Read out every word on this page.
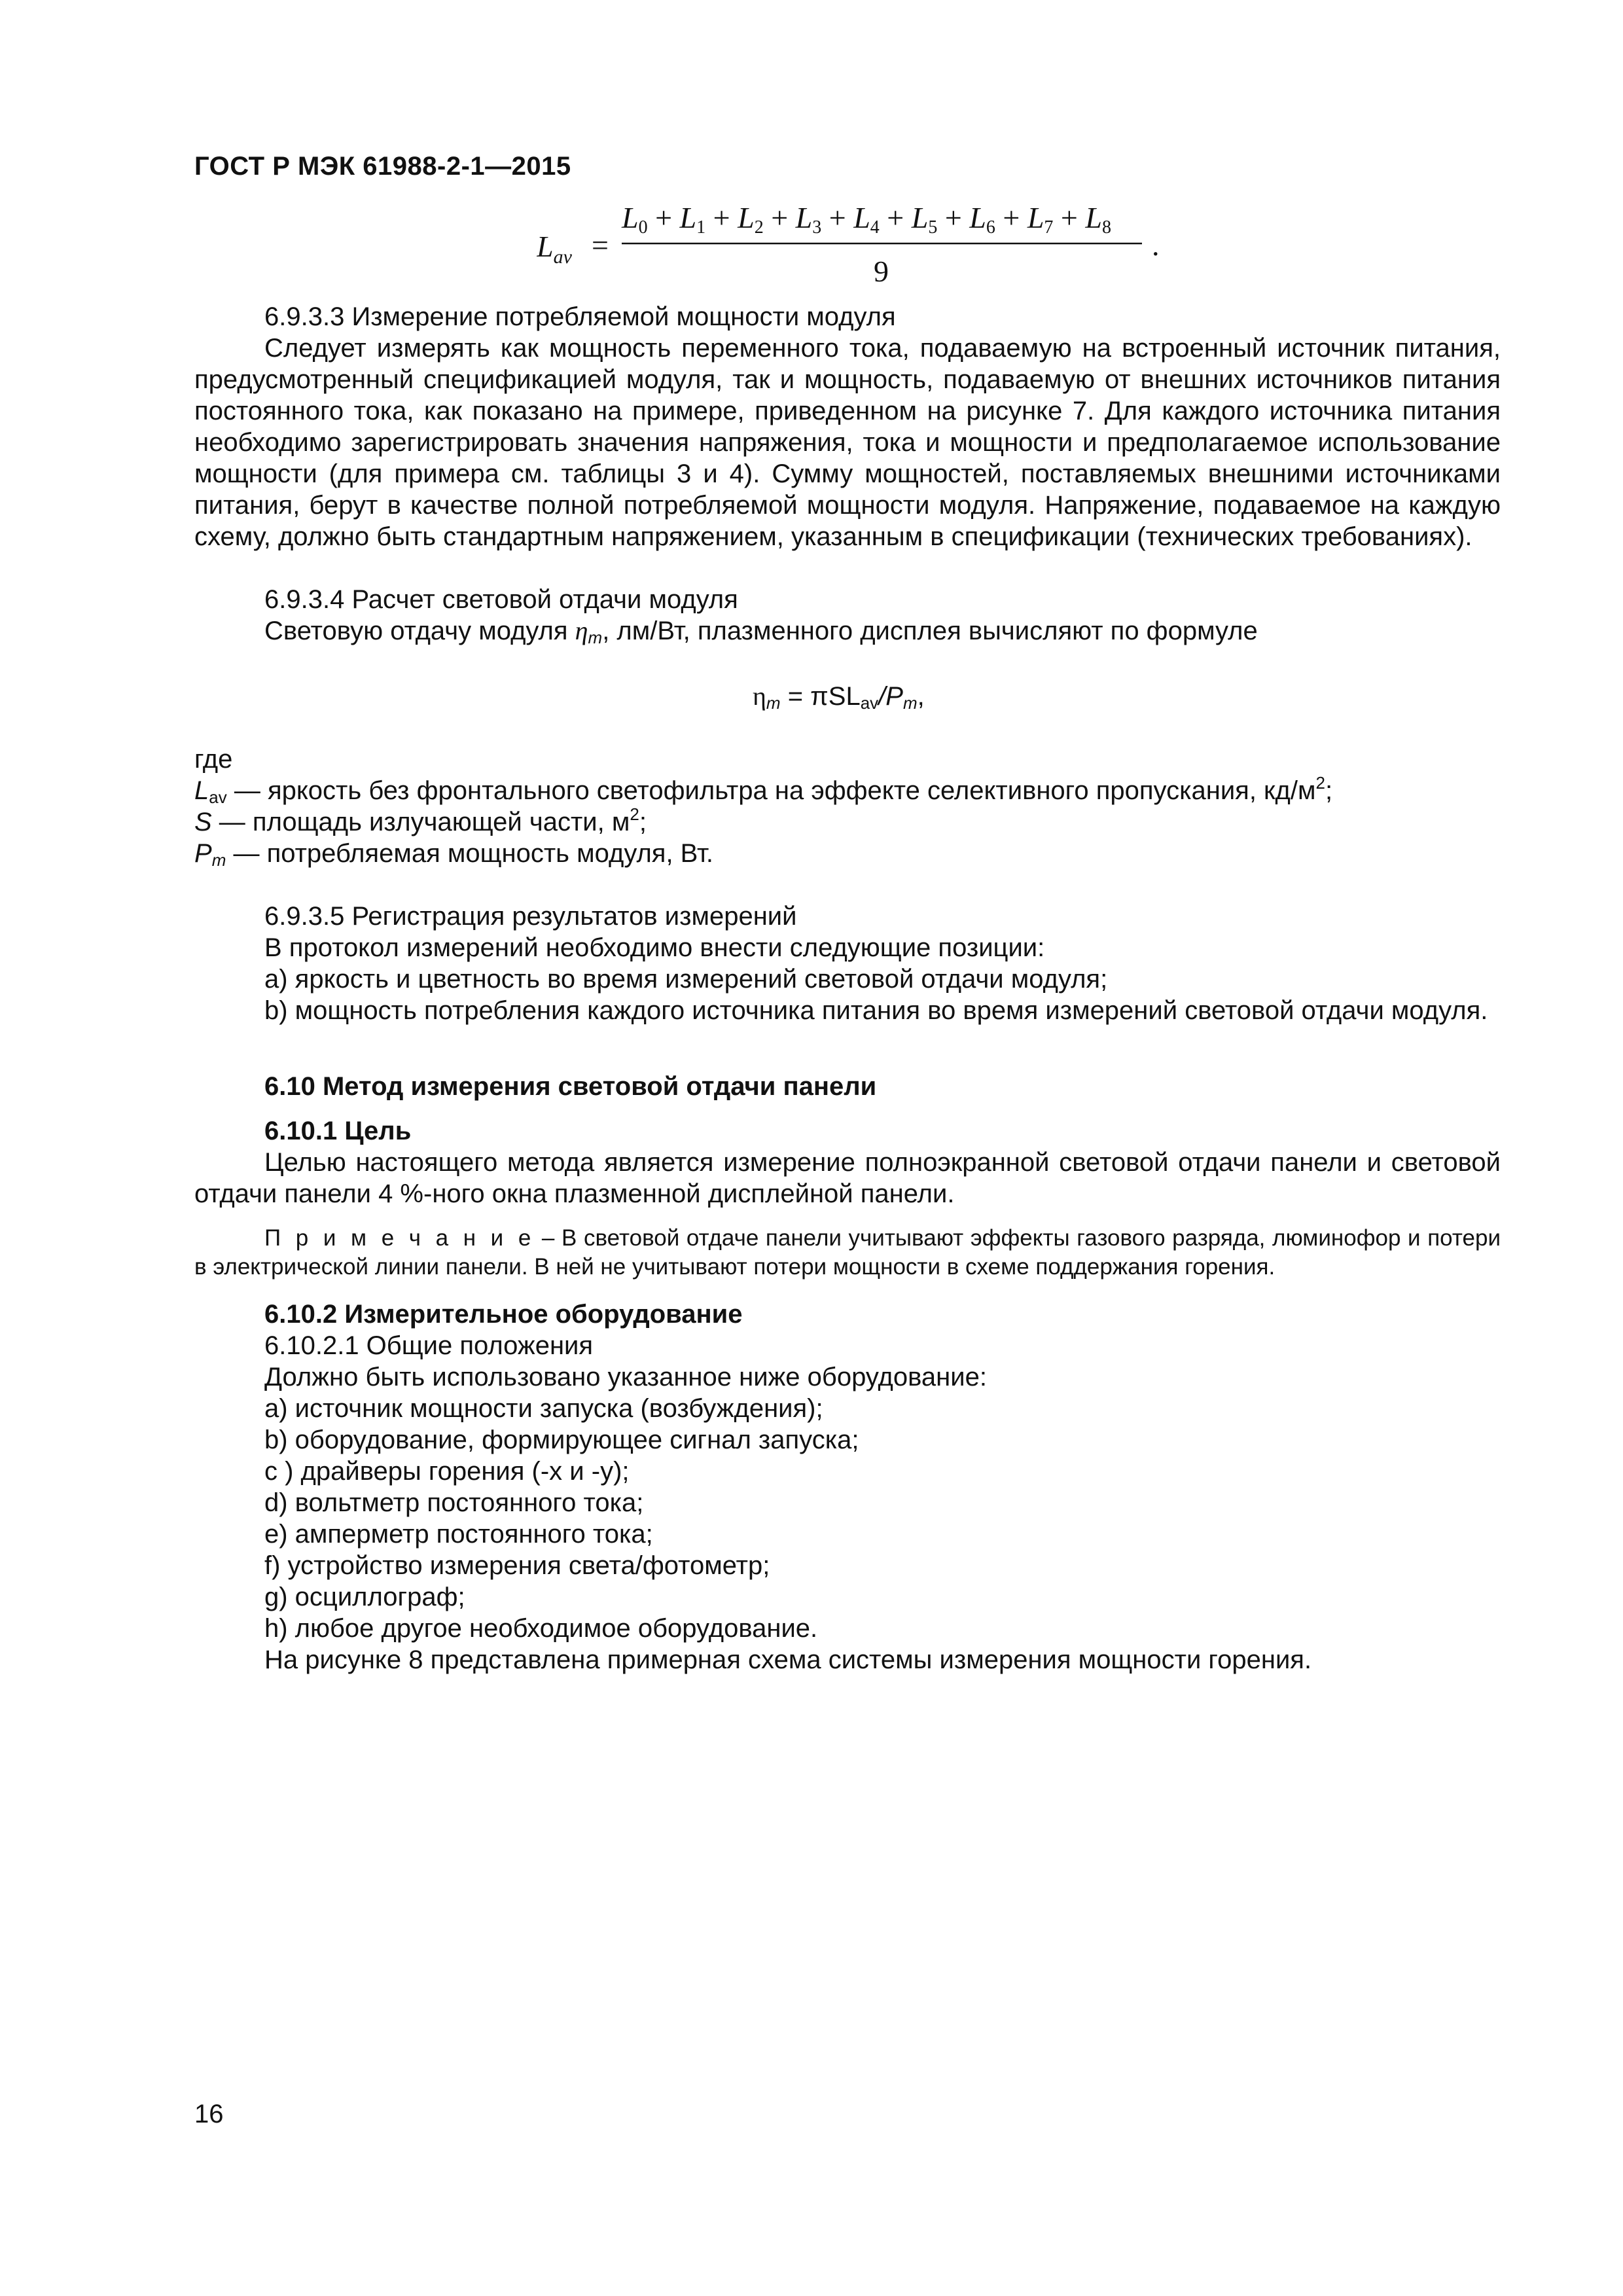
ГОСТ Р МЭК 61988-2-1—2015
$L_{av}$ =
L0 + L1 + L2 + L3 + L4 + L5 + L6 + L7 + L8
9
.
6.9.3.3 Измерение потребляемой мощности модуля
Следует измерять как мощность переменного тока, подаваемую на встроенный источник питания, предусмотренный спецификацией модуля, так и мощность, подаваемую от внешних источников питания постоянного тока, как показано на примере, приведенном на рисунке 7. Для каждого источника питания необходимо зарегистрировать значения напряжения, тока и мощности и предполагаемое использование мощности (для примера см. таблицы 3 и 4). Сумму мощностей, поставляемых внешними источниками питания, берут в качестве полной потребляемой мощности модуля. Напряжение, подаваемое на каждую схему, должно быть стандартным напряжением, указанным в спецификации (технических требованиях).
6.9.3.4 Расчет световой отдачи модуля
Световую отдачу модуля $\eta_m$, лм/Вт, плазменного дисплея вычисляют по формуле
$\eta_m = \pi SL_{av}/P_m$,
где
$L_{av}$ — яркость без фронтального светофильтра на эффекте селективного пропускания, $кд/м^2$;
S — площадь излучающей части, $м^2$;
$P_m$ — потребляемая мощность модуля, Вт.
6.9.3.5 Регистрация результатов измерений
В протокол измерений необходимо внести следующие позиции:
а) яркость и цветность во время измерений световой отдачи модуля;
b) мощность потребления каждого источника питания во время измерений световой отдачи модуля.
6.10 Метод измерения световой отдачи панели
6.10.1 Цель
Целью настоящего метода является измерение полноэкранной световой отдачи панели и световой отдачи панели 4 %-ного окна плазменной дисплейной панели.
П р и м е ч а н и е – В световой отдаче панели учитывают эффекты газового разряда, люминофор и потери в электрической линии панели. В ней не учитывают потери мощности в схеме поддержания горения.
6.10.2 Измерительное оборудование
6.10.2.1 Общие положения
Должно быть использовано указанное ниже оборудование:
а) источник мощности запуска (возбуждения);
b) оборудование, формирующее сигнал запуска;
c ) драйверы горения (-x и -y);
d) вольтметр постоянного тока;
e) амперметр постоянного тока;
f) устройство измерения света/фотометр;
g) осциллограф;
h) любое другое необходимое оборудование.
На рисунке 8 представлена примерная схема системы измерения мощности горения.
16
